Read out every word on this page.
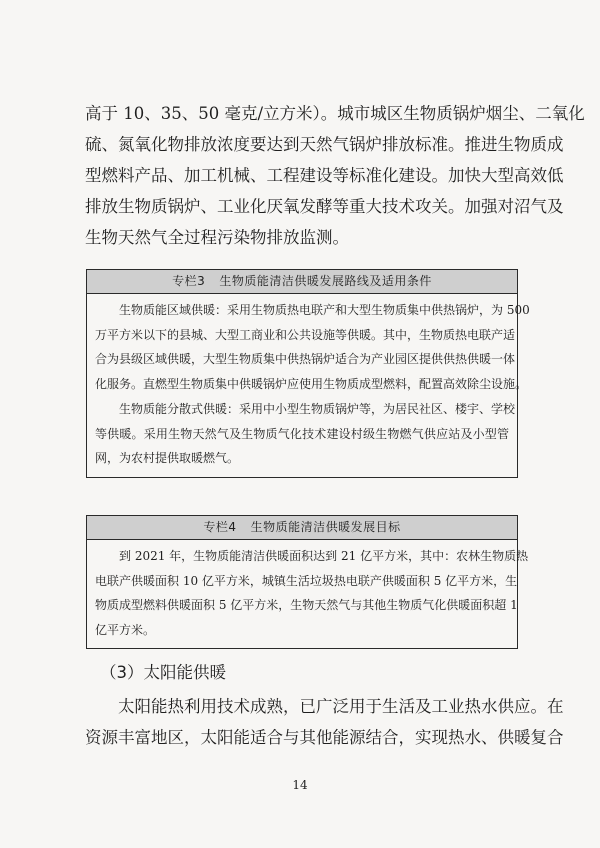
高于 10、35、50 毫克/立方米）。城市城区生物质锅炉烟尘、二氧化
硫、氮氧化物排放浓度要达到天然气锅炉排放标准。推进生物质成
型燃料产品、加工机械、工程建设等标准化建设。加快大型高效低
排放生物质锅炉、工业化厌氧发酵等重大技术攻关。加强对沼气及
生物天然气全过程污染物排放监测。
专栏3 生物质能清洁供暖发展路线及适用条件
生物质能区域供暖：采用生物质热电联产和大型生物质集中供热锅炉，为 500
万平方米以下的县城、大型工商业和公共设施等供暖。其中，生物质热电联产适
合为县级区域供暖，大型生物质集中供热锅炉适合为产业园区提供供热供暖一体
化服务。直燃型生物质集中供暖锅炉应使用生物质成型燃料，配置高效除尘设施。
生物质能分散式供暖：采用中小型生物质锅炉等，为居民社区、楼宇、学校
等供暖。采用生物天然气及生物质气化技术建设村级生物燃气供应站及小型管
网，为农村提供取暖燃气。
专栏4 生物质能清洁供暖发展目标
到 2021 年，生物质能清洁供暖面积达到 21 亿平方米，其中：农林生物质热
电联产供暖面积 10 亿平方米，城镇生活垃圾热电联产供暖面积 5 亿平方米，生
物质成型燃料供暖面积 5 亿平方米，生物天然气与其他生物质气化供暖面积超 1
亿平方米。
（3）太阳能供暖
太阳能热利用技术成熟，已广泛用于生活及工业热水供应。在
资源丰富地区，太阳能适合与其他能源结合，实现热水、供暖复合
14
